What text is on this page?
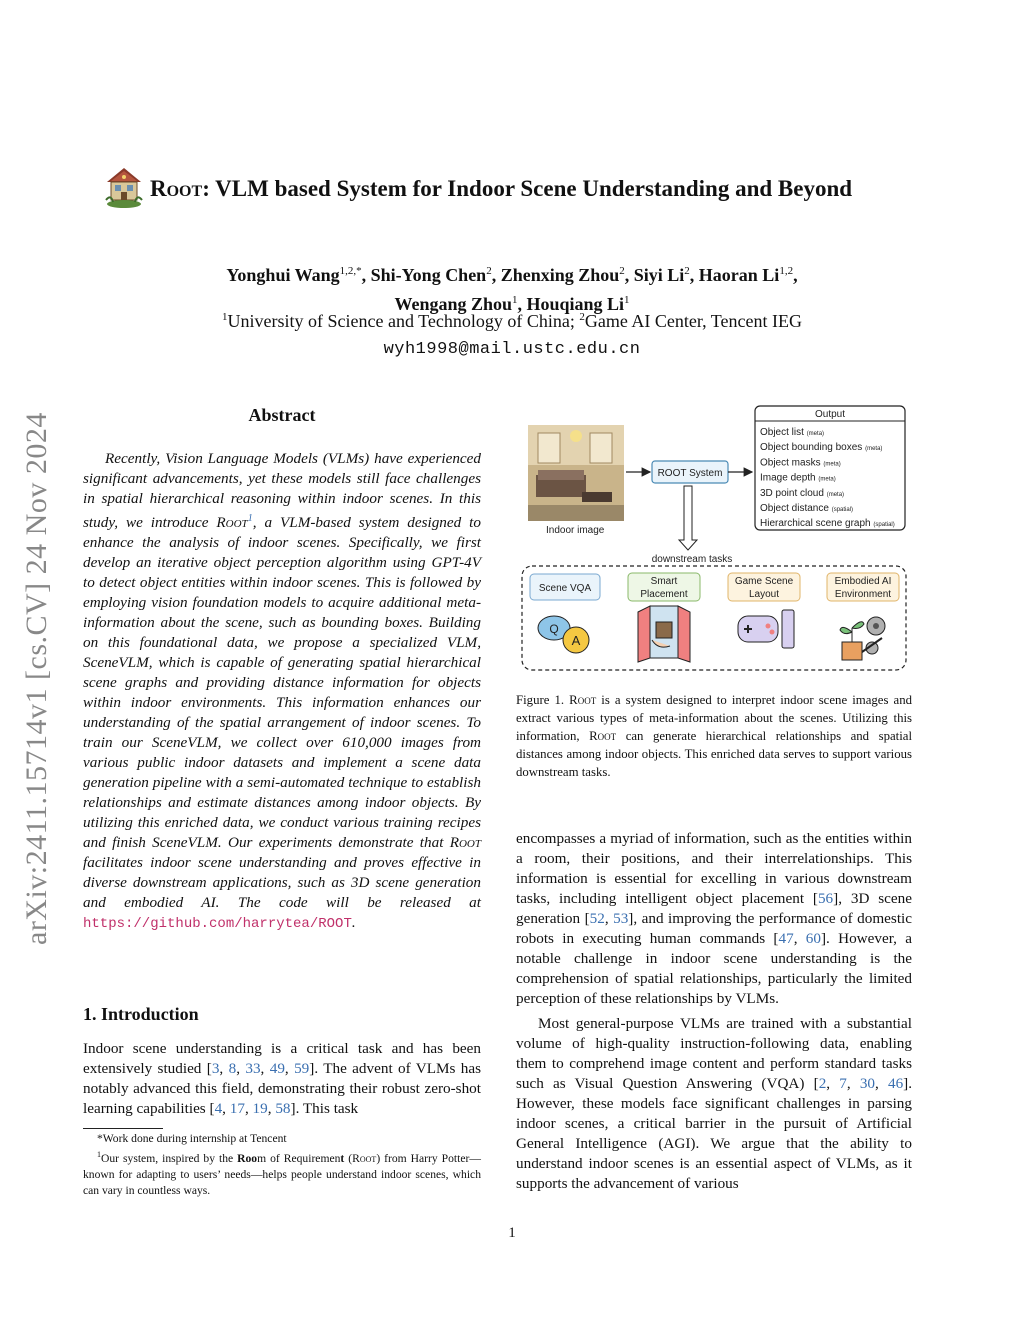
arXiv:2411.15714v1 [cs.CV] 24 Nov 2024
Root: VLM based System for Indoor Scene Understanding and Beyond
Yonghui Wang$^{1,2,*}$, Shi-Yong Chen$^2$, Zhenxing Zhou$^2$, Siyi Li$^2$, Haoran Li$^{1,2}$,
Wengang Zhou$^1$, Houqiang Li$^1$
$^1$University of Science and Technology of China; $^2$Game AI Center, Tencent IEG
wyh1998@mail.ustc.edu.cn
Abstract

Recently, Vision Language Models (VLMs) have experienced significant advancements, yet these models still face challenges in spatial hierarchical reasoning within indoor scenes. In this study, we introduce Root$^1$, a VLM-based system designed to enhance the analysis of indoor scenes. Specifically, we first develop an iterative object perception algorithm using GPT-4V to detect object entities within indoor scenes. This is followed by employing vision foundation models to acquire additional meta-information about the scene, such as bounding boxes. Building on this foundational data, we propose a specialized VLM, SceneVLM, which is capable of generating spatial hierarchical scene graphs and providing distance information for objects within indoor environments. This information enhances our understanding of the spatial arrangement of indoor scenes. To train our SceneVLM, we collect over 610,000 images from various public indoor datasets and implement a scene data generation pipeline with a semi-automated technique to establish relationships and estimate distances among indoor objects. By utilizing this enriched data, we conduct various training recipes and finish SceneVLM. Our experiments demonstrate that Root facilitates indoor scene understanding and proves effective in diverse downstream applications, such as 3D scene generation and embodied AI. The code will be released at https://github.com/harrytea/ROOT.

1. Introduction

Indoor scene understanding is a critical task and has been extensively studied [3, 8, 33, 49, 59]. The advent of VLMs has notably advanced this field, demonstrating their robust zero-shot learning capabilities [4, 17, 19, 58]. This task

*Work done during internship at Tencent

$^1$Our system, inspired by the Room of Requirement (Root) from Harry Potter—known for adapting to users’ needs—helps people understand indoor scenes, which can vary in countless ways.

Indoor image
ROOT System
Output
Object list (meta)
Object bounding boxes (meta)
Object masks (meta)
Image depth (meta)
3D point cloud (meta)
Object distance (spatial)
Hierarchical scene graph (spatial)
downstream tasks
Scene VQA
Smart
Placement
Game Scene
Layout
Embodied AI
Environment
Q
A
Figure 1. Root is a system designed to interpret indoor scene images and extract various types of meta-information about the scenes. Utilizing this information, Root can generate hierarchical relationships and spatial distances among indoor objects. This enriched data serves to support various downstream tasks.

encompasses a myriad of information, such as the entities within a room, their positions, and their interrelationships. This information is essential for excelling in various downstream tasks, including intelligent object placement [56], 3D scene generation [52, 53], and improving the performance of domestic robots in executing human commands [47, 60]. However, a notable challenge in indoor scene understanding is the comprehension of spatial relationships, particularly the limited perception of these relationships by VLMs.

Most general-purpose VLMs are trained with a substantial volume of high-quality instruction-following data, enabling them to comprehend image content and perform standard tasks such as Visual Question Answering (VQA) [2, 7, 30, 46]. However, these models face significant challenges in parsing indoor scenes, a critical barrier in the pursuit of Artificial General Intelligence (AGI). We argue that the ability to understand indoor scenes is an essential aspect of VLMs, as it supports the advancement of various

1
